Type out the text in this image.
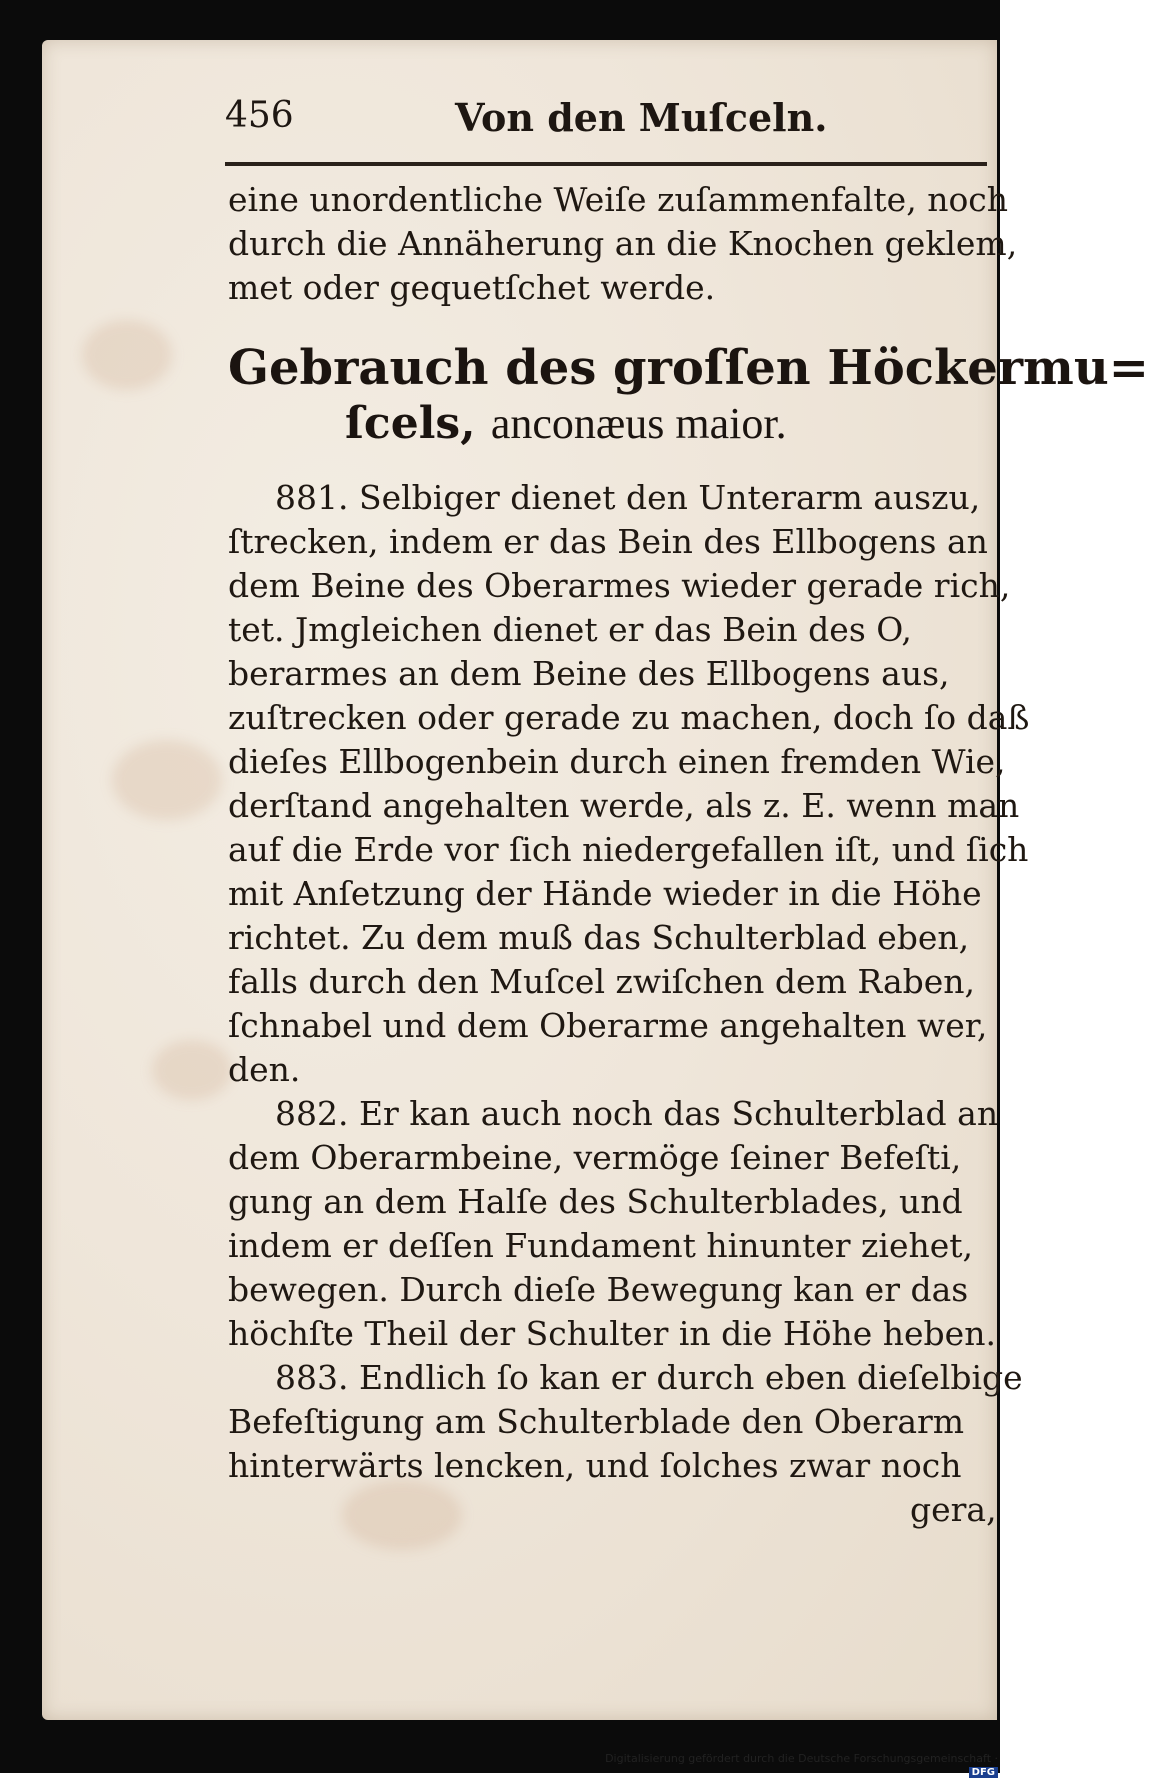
456	Von den Muſceln.
eine unordentliche Weiſe zuſammenfalte, noch
durch die Annäherung an die Knochen geklem,
met oder gequetſchet werde.
Gebrauch des groſſen Höckermu=
ſcels, anconæus maior.
881. Selbiger dienet den Unterarm auszu,
ſtrecken, indem er das Bein des Ellbogens an
dem Beine des Oberarmes wieder gerade rich,
tet. Jmgleichen dienet er das Bein des O,
berarmes an dem Beine des Ellbogens aus,
zuſtrecken oder gerade zu machen, doch ſo daß
dieſes Ellbogenbein durch einen fremden Wie,
derſtand angehalten werde, als z. E. wenn man
auf die Erde vor ſich niedergefallen iſt, und ſich
mit Anſetzung der Hände wieder in die Höhe
richtet. Zu dem muß das Schulterblad eben,
falls durch den Muſcel zwiſchen dem Raben,
ſchnabel und dem Oberarme angehalten wer,
den.
882. Er kan auch noch das Schulterblad an
dem Oberarmbeine, vermöge ſeiner Befeſti,
gung an dem Halſe des Schulterblades, und
indem er deſſen Fundament hinunter ziehet,
bewegen. Durch dieſe Bewegung kan er das
höchſte Theil der Schulter in die Höhe heben.
883. Endlich ſo kan er durch eben dieſelbige
Befeſtigung am Schulterblade den Oberarm
hinterwärts lencken, und ſolches zwar noch
gera,
Digitalisierung gefördert durch die Deutsche Forschungsgemeinschaft · DFG
